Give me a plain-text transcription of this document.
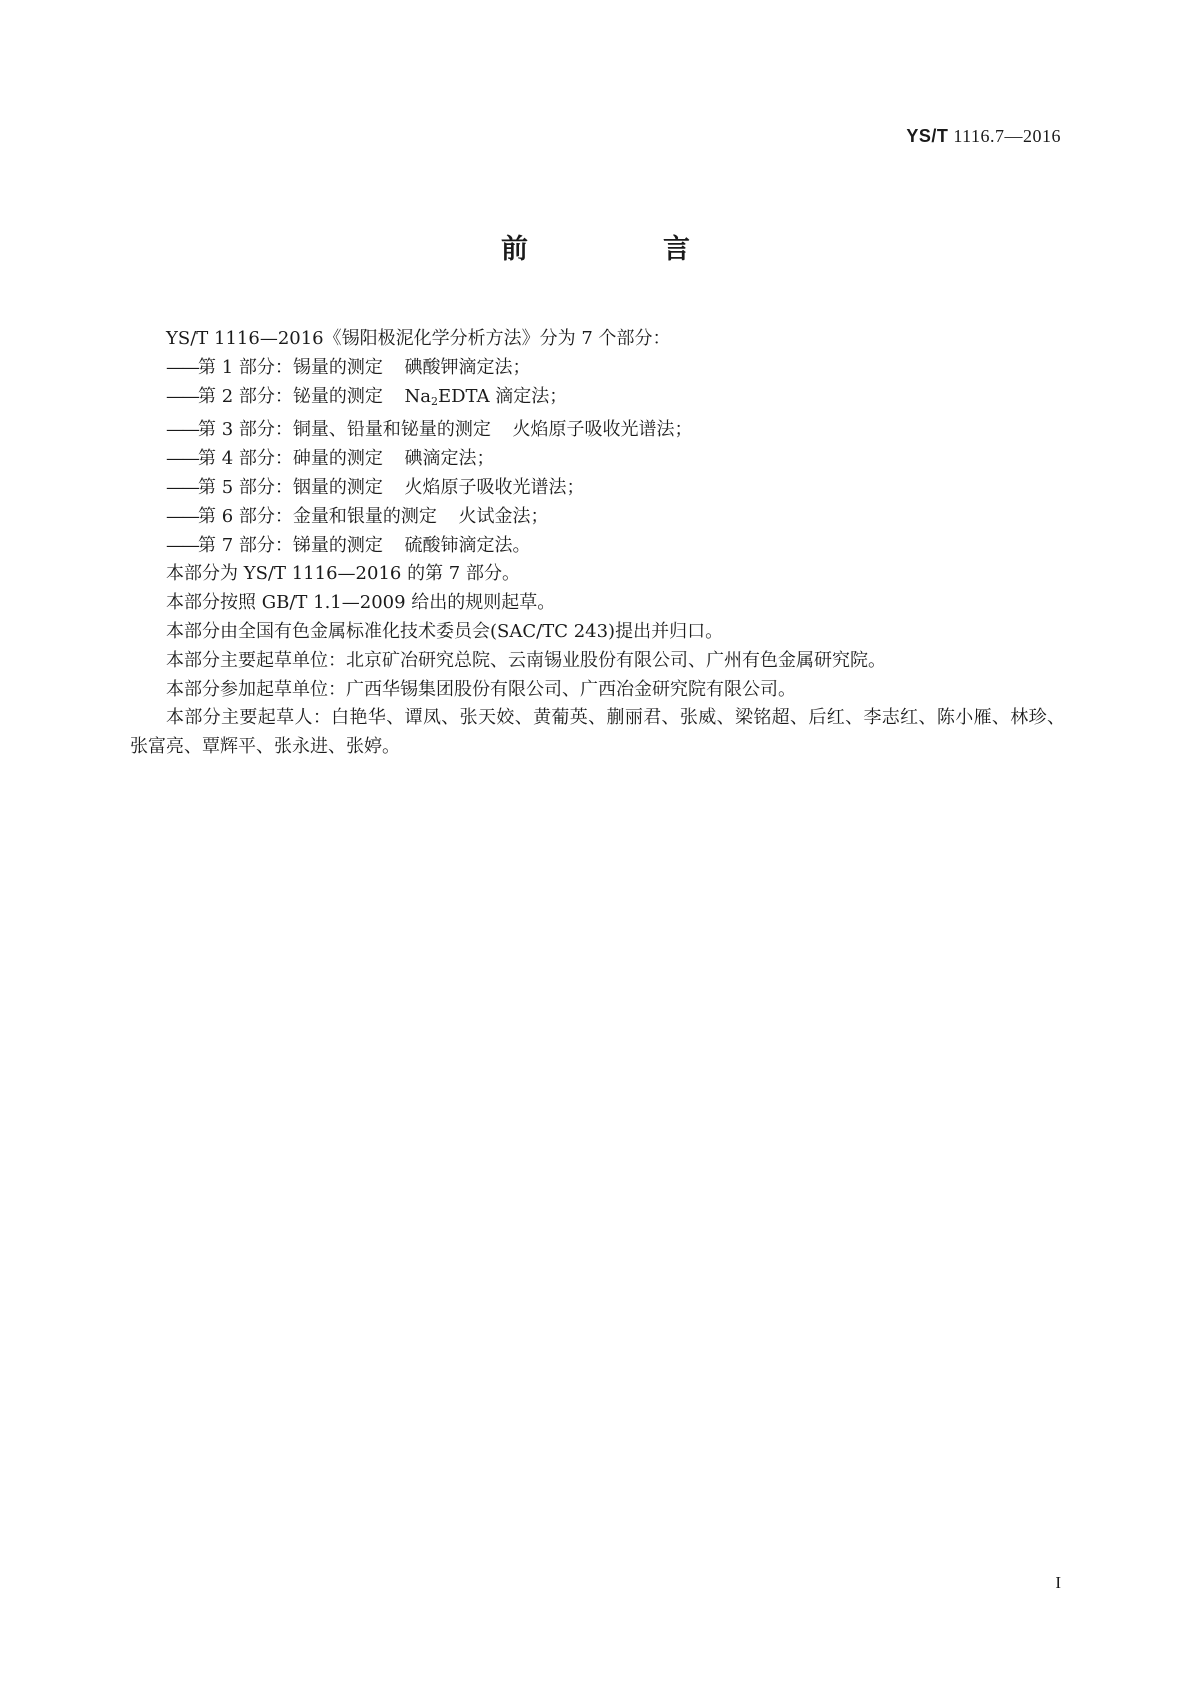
YS/T 1116.7—2016
前　言

YS/T 1116—2016《锡阳极泥化学分析方法》分为 7 个部分：

——第 1 部分：锡量的测定 碘酸钾滴定法；

——第 2 部分：铋量的测定 $Na_2EDTA$ 滴定法；

——第 3 部分：铜量、铅量和铋量的测定 火焰原子吸收光谱法；

——第 4 部分：砷量的测定 碘滴定法；

——第 5 部分：铟量的测定 火焰原子吸收光谱法；

——第 6 部分：金量和银量的测定 火试金法；

——第 7 部分：锑量的测定 硫酸铈滴定法。

本部分为 YS/T 1116—2016 的第 7 部分。

本部分按照 GB/T 1.1—2009 给出的规则起草。

本部分由全国有色金属标准化技术委员会(SAC/TC 243)提出并归口。

本部分主要起草单位：北京矿冶研究总院、云南锡业股份有限公司、广州有色金属研究院。

本部分参加起草单位：广西华锡集团股份有限公司、广西冶金研究院有限公司。

本部分主要起草人：白艳华、谭凤、张天姣、黄葡英、蒯丽君、张威、梁铭超、后红、李志红、陈小雁、林珍、张富亮、覃辉平、张永进、张婷。

I
